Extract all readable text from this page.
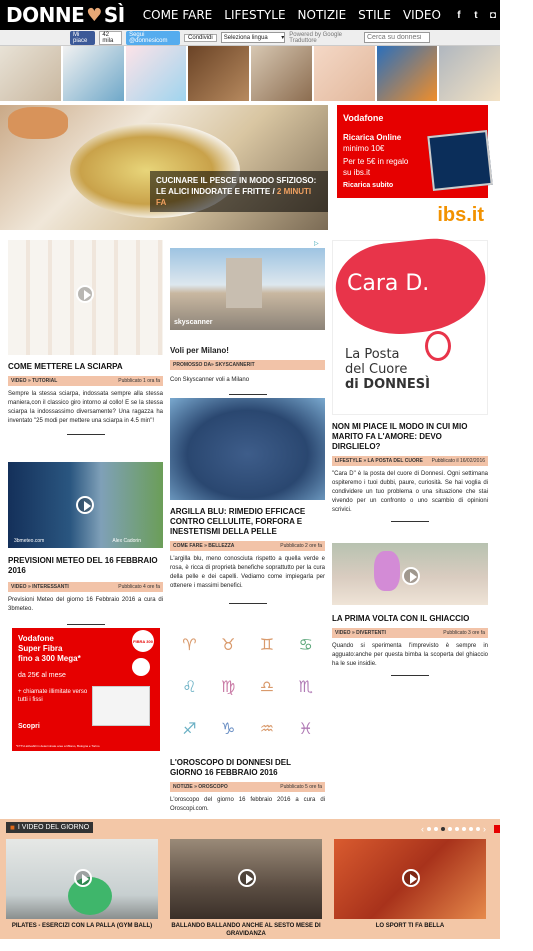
DONNE ♥ SÌ	COME FARE	LIFESTYLE	NOTIZIE	STILE	VIDEO	f	t	◘ g⁺ ⌇
Mi piace
42 mila
Segui @donnesicom	Condividi	Seleziona lingua ▾
Powered by Google Traduttore
Cerca su donnesi
CUCINARE IL PESCE IN MODO SFIZIOSO: LE ALICI INDORATE E FRITTE / 2 MINUTI FA
Vodafone
Ricarica Online
minimo 10€
Per te 5€ in regalo
su ibs.it
Ricarica subito
ibs.it
COME METTERE LA SCIARPA
VIDEO » TUTORIAL	Pubblicato 1 ora fa
Sempre la stessa sciarpa, indossata sempre alla stessa maniera,con il classico giro intorno al collo! E se la stessa sciarpa la indossassimo diversamente? Una ragazza ha inventato "25 modi per mettere una sciarpa in 4.5 min"!
Alex Cadorin
3bmeteo.com
PREVISIONI METEO DEL 16 FEBBRAIO 2016
VIDEO » INTERESSANTI	Pubblicato 4 ore fa
Previsioni Meteo del giorno 16 Febbraio 2016 a cura di 3bmeteo.
Vodafone
Super Fibra
fino a 300 Mega*
da 25€ al mese
+ chiamate illimitate verso tutti i fissi
Scopri
FIBRA 300
*FTTH attivabili in determinate aree a Milano, Bologna e Torino
▷
skyscanner
Voli per Milano!
PROMOSSO DA» SKYSCANNERIT
Con Skyscanner voli a Milano
ARGILLA BLU: RIMEDIO EFFICACE CONTRO CELLULITE, FORFORA E INESTETISMI DELLA PELLE
COME FARE » BELLEZZA	Pubblicato 2 ore fa
L'argilla blu, meno conosciuta rispetto a quella verde e rosa, è ricca di proprietà benefiche soprattutto per la cura della pelle e dei capelli. Vediamo come impiegarla per ottenere i massimi benefici.
♈	♉	♊	♋
♌	♍	♎	♏
♐	♑	♒	♓
L'OROSCOPO DI DONNESI DEL GIORNO 16 FEBBRAIO 2016
NOTIZIE » OROSCOPO	Pubblicato 5 ore fa
L'oroscopo del giorno 16 febbraio 2016 a cura di Oroscopi.com.
Cara D.
La Posta
del Cuore
di DONNESÌ
NON MI PIACE IL MODO IN CUI MIO MARITO FA L'AMORE: DEVO DIRGLIELO?
LIFESTYLE » LA POSTA DEL CUORE Pubblicato il 16/02/2016
"Cara D" è la posta del cuore di Donnesì. Ogni settimana ospiteremo i tuoi dubbi, paure, curiosità. Se hai voglia di condividere un tuo problema o una situazione che stai vivendo per un confronto o uno scambio di opinioni scrivici.
LA PRIMA VOLTA CON IL GHIACCIO
VIDEO » DIVERTENTI	Pubblicato 3 ore fa
Quando si sperimenta l'imprevisto è sempre in agguato:anche per questa bimba la scoperta del ghiaccio ha le sue insidie.
■ I VIDEO DEL GIORNO	‹	›
PILATES - ESERCIZI CON LA PALLA (GYM BALL)	BALLANDO BALLANDO ANCHE AL SESTO MESE DI GRAVIDANZA
LO SPORT TI FA BELLA
